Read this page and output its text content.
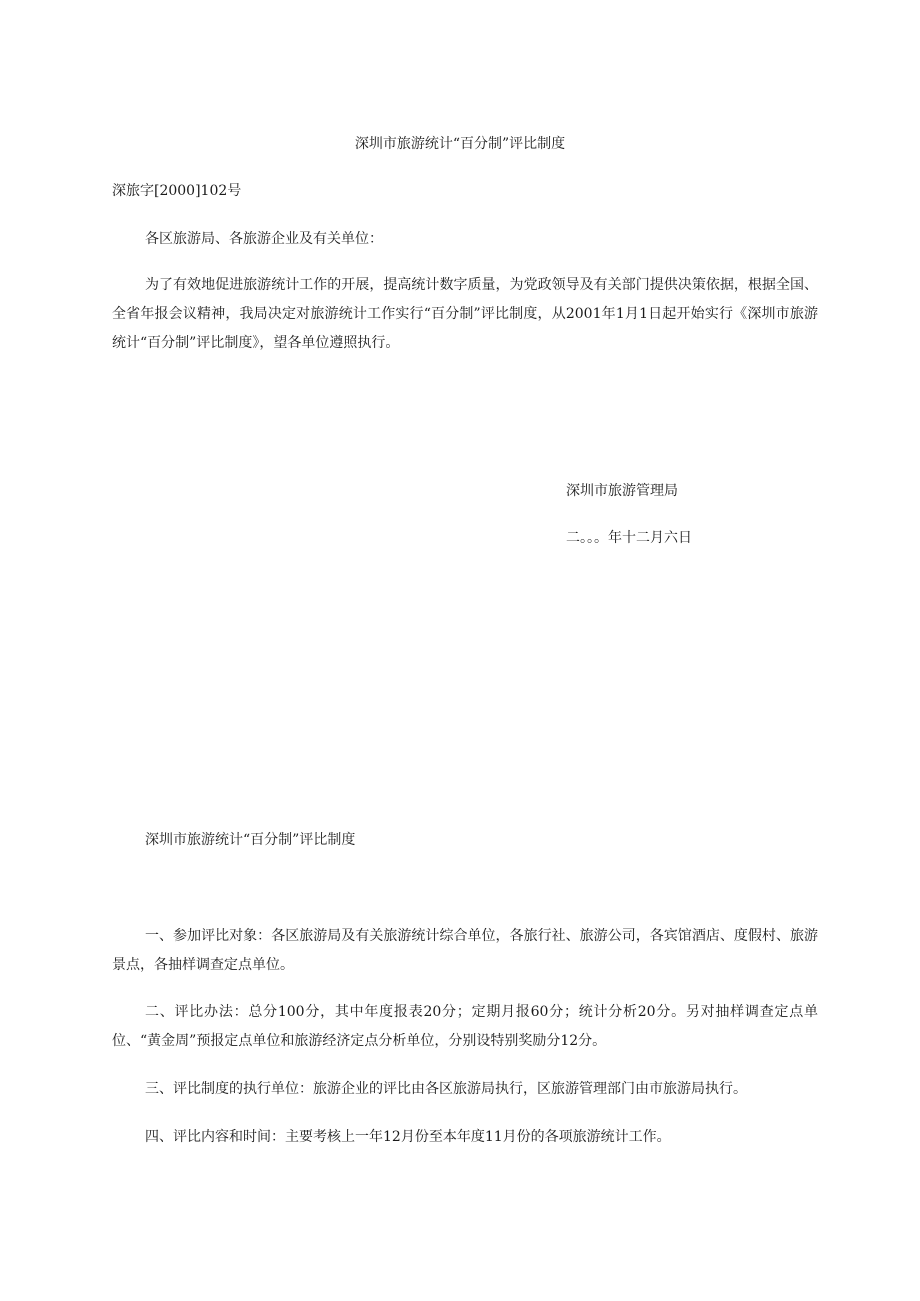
深圳市旅游统计“百分制”评比制度
深旅字[2000]102号
各区旅游局、各旅游企业及有关单位：
为了有效地促进旅游统计工作的开展，提高统计数字质量，为党政领导及有关部门提供决策依据，根据全国、全省年报会议精神，我局决定对旅游统计工作实行“百分制”评比制度，从2001年1月1日起开始实行《深圳市旅游统计“百分制”评比制度》，望各单位遵照执行。
深圳市旅游管理局
二。。。年十二月六日
深圳市旅游统计“百分制”评比制度
一、参加评比对象：各区旅游局及有关旅游统计综合单位，各旅行社、旅游公司，各宾馆酒店、度假村、旅游景点，各抽样调查定点单位。
二、评比办法：总分100分，其中年度报表20分；定期月报60分；统计分析20分。另对抽样调查定点单位、“黄金周”预报定点单位和旅游经济定点分析单位，分别设特别奖励分12分。
三、评比制度的执行单位：旅游企业的评比由各区旅游局执行，区旅游管理部门由市旅游局执行。
四、评比内容和时间：主要考核上一年12月份至本年度11月份的各项旅游统计工作。
